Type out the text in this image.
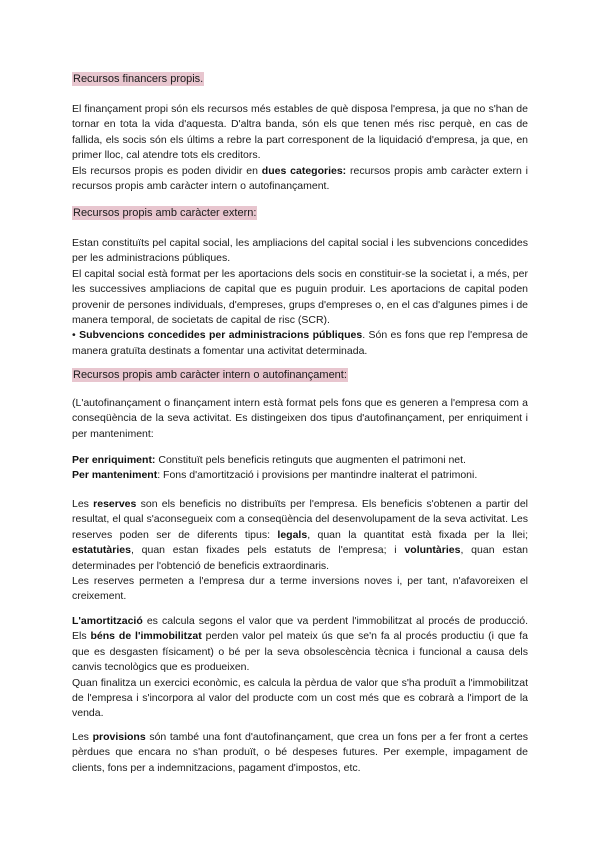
Recursos financers propis.

El finançament propi són els recursos més estables de què disposa l'empresa, ja que no s'han de tornar en tota la vida d'aquesta. D'altra banda, són els que tenen més risc perquè, en cas de fallida, els socis són els últims a rebre la part corresponent de la liquidació d'empresa, ja que, en primer lloc, cal atendre tots els creditors.

Els recursos propis es poden dividir en dues categories: recursos propis amb caràcter extern i recursos propis amb caràcter intern o autofinançament.

Recursos propis amb caràcter extern:

Estan constituïts pel capital social, les ampliacions del capital social i les subvencions concedides per les administracions públiques.

El capital social està format per les aportacions dels socis en constituir-se la societat i, a més, per les successives ampliacions de capital que es puguin produir. Les aportacions de capital poden provenir de persones individuals, d'empreses, grups d'empreses o, en el cas d'algunes pimes i de manera temporal, de societats de capital de risc (SCR).

• Subvencions concedides per administracions públiques. Són es fons que rep l'empresa de manera gratuïta destinats a fomentar una activitat determinada.

Recursos propis amb caràcter intern o autofinançament:

(L'autofinançament o finançament intern està format pels fons que es generen a l'empresa com a conseqüència de la seva activitat. Es distingeixen dos tipus d'autofinançament, per enriquiment i per manteniment:

Per enriquiment: Constituït pels beneficis retinguts que augmenten el patrimoni net.

Per manteniment: Fons d'amortització i provisions per mantindre inalterat el patrimoni.

Les reserves son els beneficis no distribuïts per l'empresa. Els beneficis s'obtenen a partir del resultat, el qual s'aconsegueix com a conseqüència del desenvolupament de la seva activitat. Les reserves poden ser de diferents tipus: legals, quan la quantitat està fixada per la llei; estatutàries, quan estan fixades pels estatuts de l'empresa; i voluntàries, quan estan determinades per l'obtenció de beneficis extraordinaris.

Les reserves permeten a l'empresa dur a terme inversions noves i, per tant, n'afavoreixen el creixement.

L'amortització es calcula segons el valor que va perdent l'immobilitzat al procés de producció. Els béns de l'immobilitzat perden valor pel mateix ús que se'n fa al procés productiu (i que fa que es desgasten físicament) o bé per la seva obsolescència tècnica i funcional a causa dels canvis tecnològics que es produeixen.

Quan finalitza un exercici econòmic, es calcula la pèrdua de valor que s'ha produït a l'immobilitzat de l'empresa i s'incorpora al valor del producte com un cost més que es cobrarà a l'import de la venda.

Les provisions són també una font d'autofinançament, que crea un fons per a fer front a certes pèrdues que encara no s'han produït, o bé despeses futures. Per exemple, impagament de clients, fons per a indemnitzacions, pagament d'impostos, etc.
